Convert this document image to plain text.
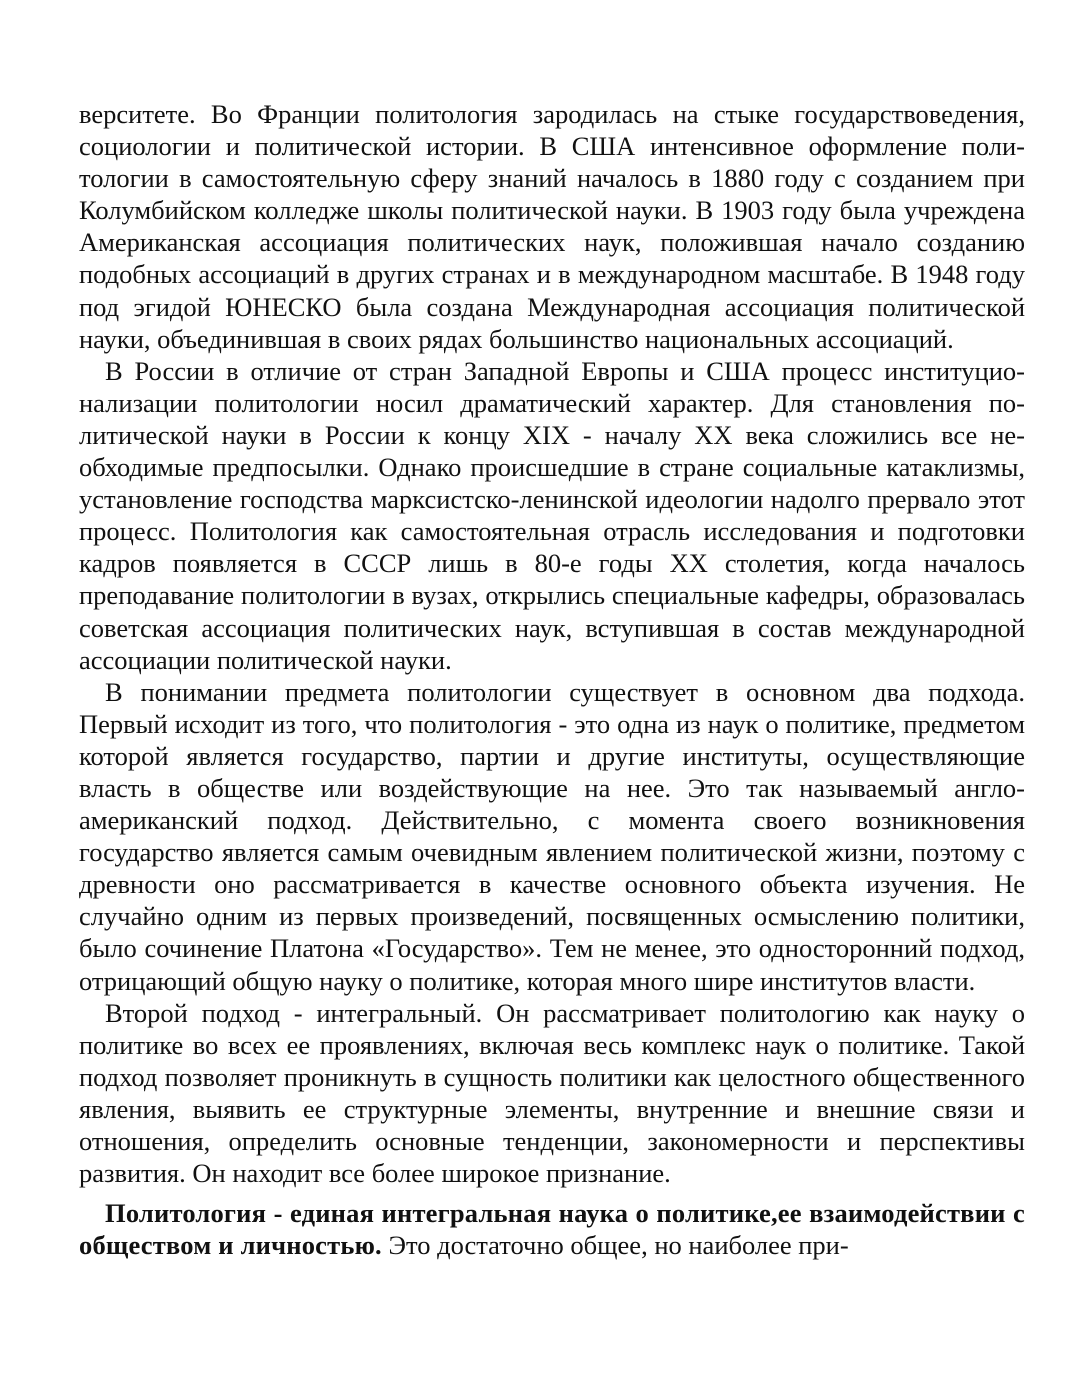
верситете. Во Франции политология зародилась на стыке государствоведения, социологии и политической истории. В США интенсивное оформление политологии в самостоятельную сферу знаний началось в 1880 году с созданием при Колумбийском колледже школы политической науки. В 1903 году была учреждена Американская ассоциация политических наук, положившая начало созданию подобных ассоциаций в других странах и в международном масштабе. В 1948 году под эгидой ЮНЕСКО была создана Международная ассоциация политической науки, объединившая в своих рядах большинство национальных ассоциаций.

В России в отличие от стран Западной Европы и США процесс институционализации политологии носил драматический характер. Для становления политической науки в России к концу XIX - началу XX века сложились все необходимые предпосылки. Однако происшедшие в стране социальные катаклизмы, установление господства марксистско-ленинской идеологии надолго прервало этот процесс. Политология как самостоятельная отрасль исследования и подготовки кадров появляется в СССР лишь в 80-е годы XX столетия, когда началось преподавание политологии в вузах, открылись специальные кафедры, образовалась советская ассоциация политических наук, вступившая в состав международной ассоциации политической науки.

В понимании предмета политологии существует в основном два подхода. Первый исходит из того, что политология - это одна из наук о политике, предметом которой является государство, партии и другие институты, осуществляющие власть в обществе или воздействующие на нее. Это так называемый англо-американский подход. Действительно, с момента своего возникновения государство является самым очевидным явлением политической жизни, поэтому с древности оно рассматривается в качестве основного объекта изучения. Не случайно одним из первых произведений, посвященных осмыслению политики, было сочинение Платона «Государство». Тем не менее, это односторонний подход, отрицающий общую науку о политике, которая много шире институтов власти.

Второй подход - интегральный. Он рассматривает политологию как науку о политике во всех ее проявлениях, включая весь комплекс наук о политике. Такой подход позволяет проникнуть в сущность политики как целостного общественного явления, выявить ее структурные элементы, внутренние и внешние связи и отношения, определить основные тенденции, закономерности и перспективы развития. Он находит все более широкое признание.

Политология - единая интегральная наука о политике,ее взаимодействии с обществом и личностью. Это достаточно общее, но наиболее при-
